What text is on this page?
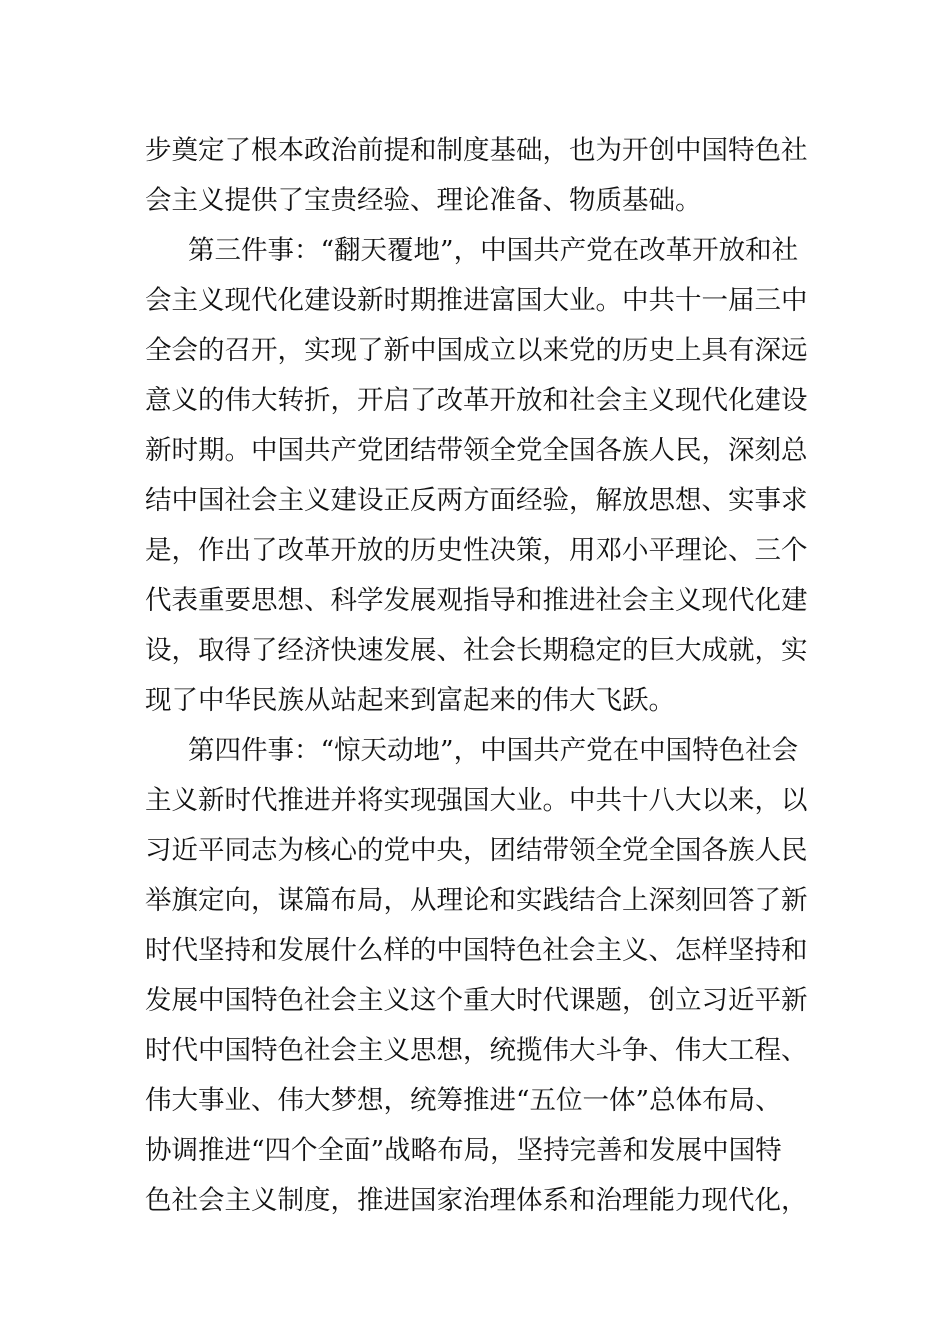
步奠定了根本政治前提和制度基础，也为开创中国特色社
会主义提供了宝贵经验、理论准备、物质基础。
第三件事：“翻天覆地”，中国共产党在改革开放和社
会主义现代化建设新时期推进富国大业。中共十一届三中
全会的召开，实现了新中国成立以来党的历史上具有深远
意义的伟大转折，开启了改革开放和社会主义现代化建设
新时期。中国共产党团结带领全党全国各族人民，深刻总
结中国社会主义建设正反两方面经验，解放思想、实事求
是，作出了改革开放的历史性决策，用邓小平理论、三个
代表重要思想、科学发展观指导和推进社会主义现代化建
设，取得了经济快速发展、社会长期稳定的巨大成就，实
现了中华民族从站起来到富起来的伟大飞跃。
第四件事：“惊天动地”，中国共产党在中国特色社会
主义新时代推进并将实现强国大业。中共十八大以来，以
习近平同志为核心的党中央，团结带领全党全国各族人民
举旗定向，谋篇布局，从理论和实践结合上深刻回答了新
时代坚持和发展什么样的中国特色社会主义、怎样坚持和
发展中国特色社会主义这个重大时代课题，创立习近平新
时代中国特色社会主义思想，统揽伟大斗争、伟大工程、
伟大事业、伟大梦想，统筹推进“五位一体”总体布局、
协调推进“四个全面”战略布局，坚持完善和发展中国特
色社会主义制度，推进国家治理体系和治理能力现代化，
